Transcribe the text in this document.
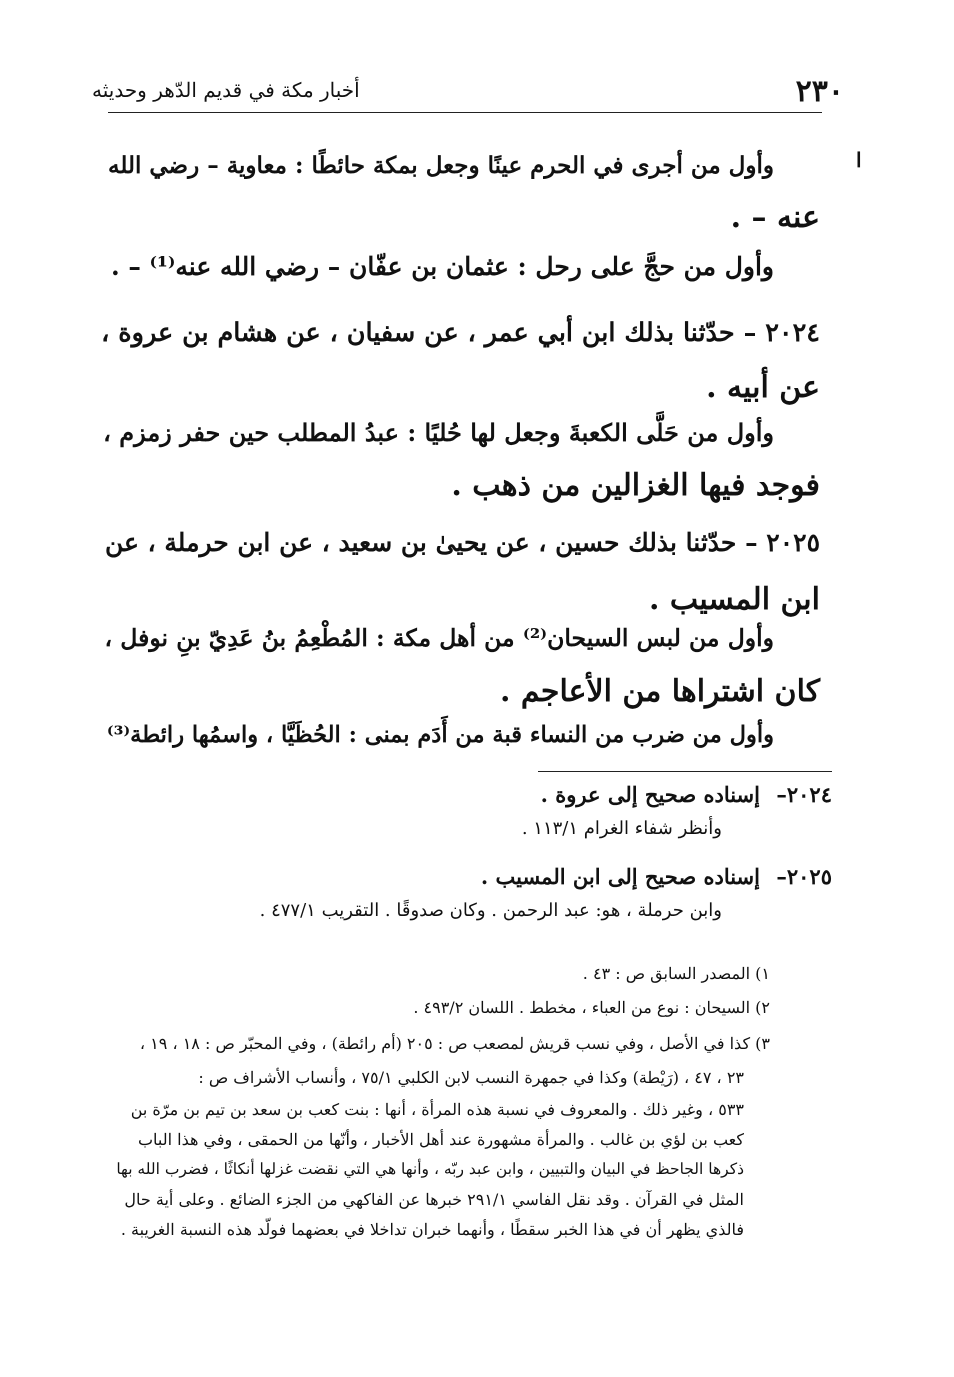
٢٣٠
أخبار مكة في قديم الدّهر وحديثه
ا
وأول من أجرى في الحرم عينًا وجعل بمكة حائطًا : معاوية – رضي الله
عنه – .
وأول من حجَّ على رحل : عثمان بن عفّان – رضي الله عنه⁽¹⁾ – .
٢٠٢٤ – حدّثنا بذلك ابن أبي عمر ، عن سفيان ، عن هشام بن عروة ،
عن أبيه .
وأول من حَلَّى الكعبةَ وجعل لها حُليًا : عبدُ المطلب حين حفر زمزم ،
فوجد فيها الغزالين من ذهب .
٢٠٢٥ – حدّثنا بذلك حسين ، عن يحيىٰ بن سعيد ، عن ابن حرملة ، عن
ابن المسيب .
وأول من لبس السيحان⁽²⁾ من أهل مكة : المُطْعِمُ بنُ عَدِيّ بنِ نوفل ،
كان اشتراها من الأعاجم .
وأول من ضرب من النساء قبة من أَدَم بمنى : الحُظَيَّا ، واسمُها رائطة⁽³⁾
٢٠٢٤–
إسناده صحيح إلى عروة .
وأنظر شفاء الغرام ١١٣/١ .
٢٠٢٥–
إسناده صحيح إلى ابن المسيب .
وابن حرملة ، هو: عبد الرحمن . وكان صدوقًا . التقريب ٤٧٧/١ .
١) المصدر السابق ص : ٤٣ .
٢) السيحان : نوع من العباء ، مخطط . اللسان ٤٩٣/٢ .
٣) كذا في الأصل ، وفي نسب قريش لمصعب ص : ٢٠٥ (أم رائطة) ، وفي المحبّر ص : ١٨ ، ١٩ ،
٢٣ ، ٤٧ ، (رَيْطة) وكذا في جمهرة النسب لابن الكلبي ٧٥/١ ، وأنساب الأشراف ص :
٥٣٣ ، وغير ذلك . والمعروف في نسبة هذه المرأة ، أنها : بنت كعب بن سعد بن تيم بن مرّة بن
كعب بن لؤي بن غالب . والمرأة مشهورة عند أهل الأخبار ، وأنّها من الحمقى ، وفي هذا الباب
ذكرها الجاحظ في البيان والتبيين ، وابن عبد ربّه ، وأنها هي التي نقضت غزلها أنكاثًا ، فضرب الله بها
المثل في القرآن . وقد نقل الفاسي ٢٩١/١ خبرها عن الفاكهي من الجزء الضائع . وعلى أية حال
فالذي يظهر أن في هذا الخبر سقطًا ، وأنهما خبران تداخلا في بعضهما فولّد هذه النسبة الغريبة .
